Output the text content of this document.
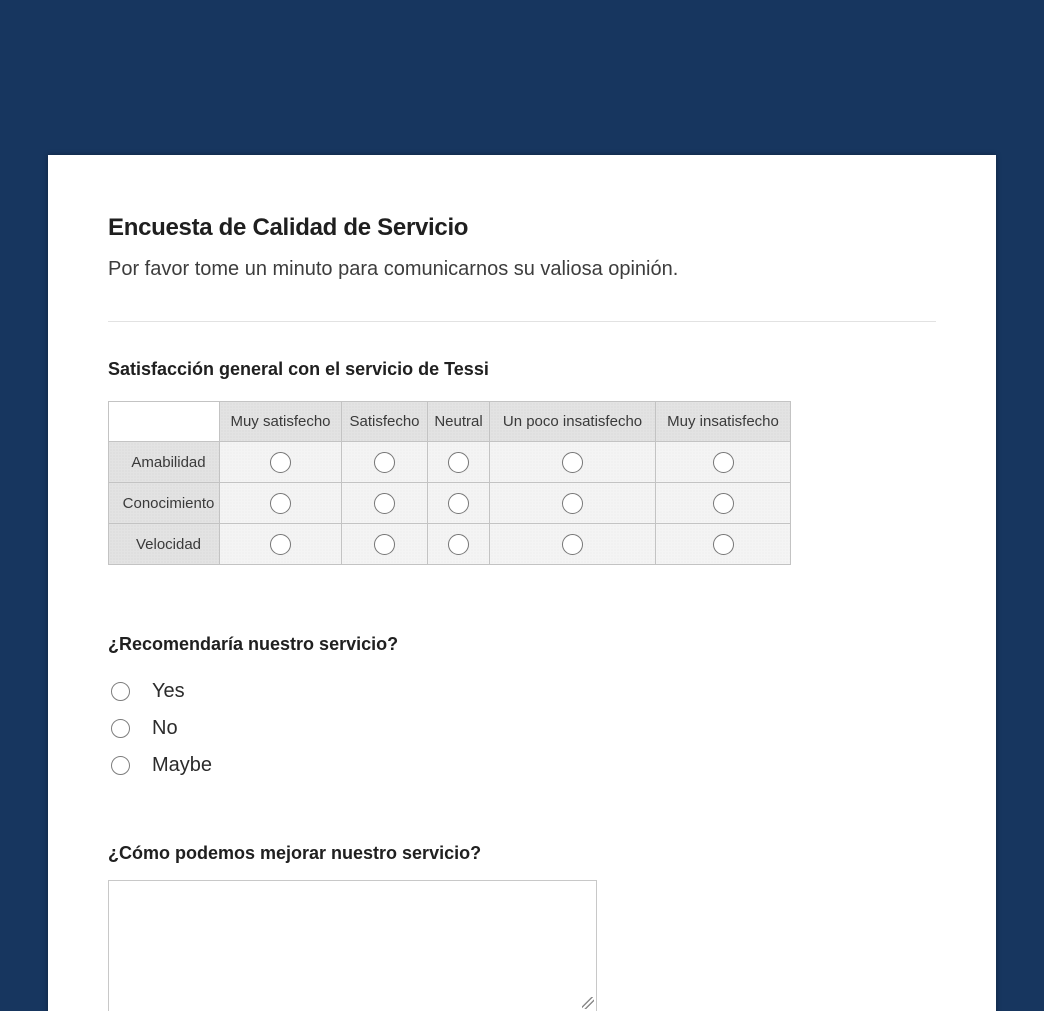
Encuesta de Calidad de Servicio
Por favor tome un minuto para comunicarnos su valiosa opinión.
Satisfacción general con el servicio de Tessi
	Muy satisfecho	Satisfecho	Neutral	Un poco insatisfecho	Muy insatisfecho
Amabilidad					
Conocimiento					
Velocidad					
¿Recomendaría nuestro servicio?
Yes
No
Maybe
¿Cómo podemos mejorar nuestro servicio?
